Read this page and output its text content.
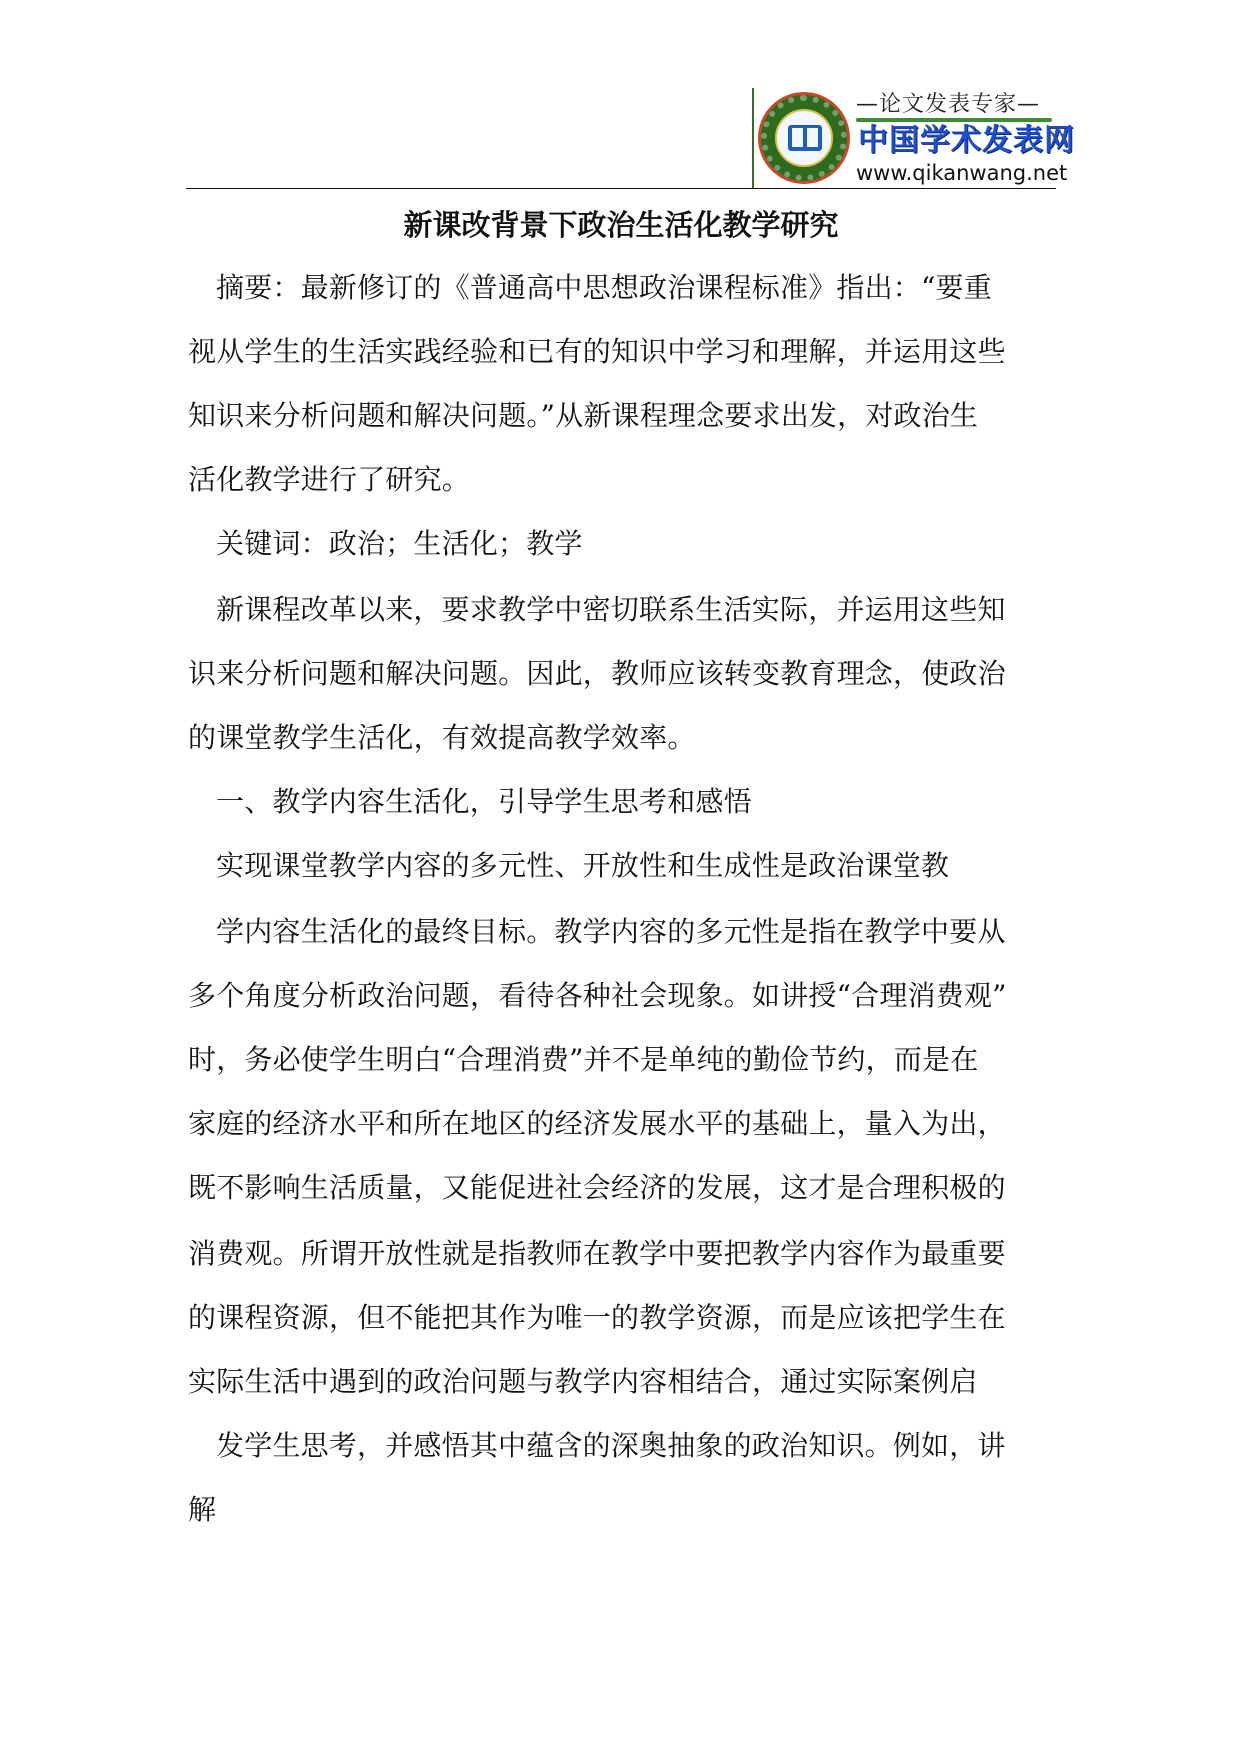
—论文发表专家—
中国学术发表网
www.qikanwang.net
新课改背景下政治生活化教学研究
摘要：最新修订的《普通高中思想政治课程标准》指出：“要重
视从学生的生活实践经验和已有的知识中学习和理解，并运用这些
知识来分析问题和解决问题。”从新课程理念要求出发，对政治生
活化教学进行了研究。
关键词：政治；生活化；教学
新课程改革以来，要求教学中密切联系生活实际，并运用这些知
识来分析问题和解决问题。因此，教师应该转变教育理念，使政治
的课堂教学生活化，有效提高教学效率。
一、教学内容生活化，引导学生思考和感悟
实现课堂教学内容的多元性、开放性和生成性是政治课堂教
学内容生活化的最终目标。教学内容的多元性是指在教学中要从
多个角度分析政治问题，看待各种社会现象。如讲授“合理消费观”
时，务必使学生明白“合理消费”并不是单纯的勤俭节约，而是在
家庭的经济水平和所在地区的经济发展水平的基础上，量入为出，
既不影响生活质量，又能促进社会经济的发展，这才是合理积极的
消费观。所谓开放性就是指教师在教学中要把教学内容作为最重要
的课程资源，但不能把其作为唯一的教学资源，而是应该把学生在
实际生活中遇到的政治问题与教学内容相结合，通过实际案例启
发学生思考，并感悟其中蕴含的深奥抽象的政治知识。例如，讲
解
